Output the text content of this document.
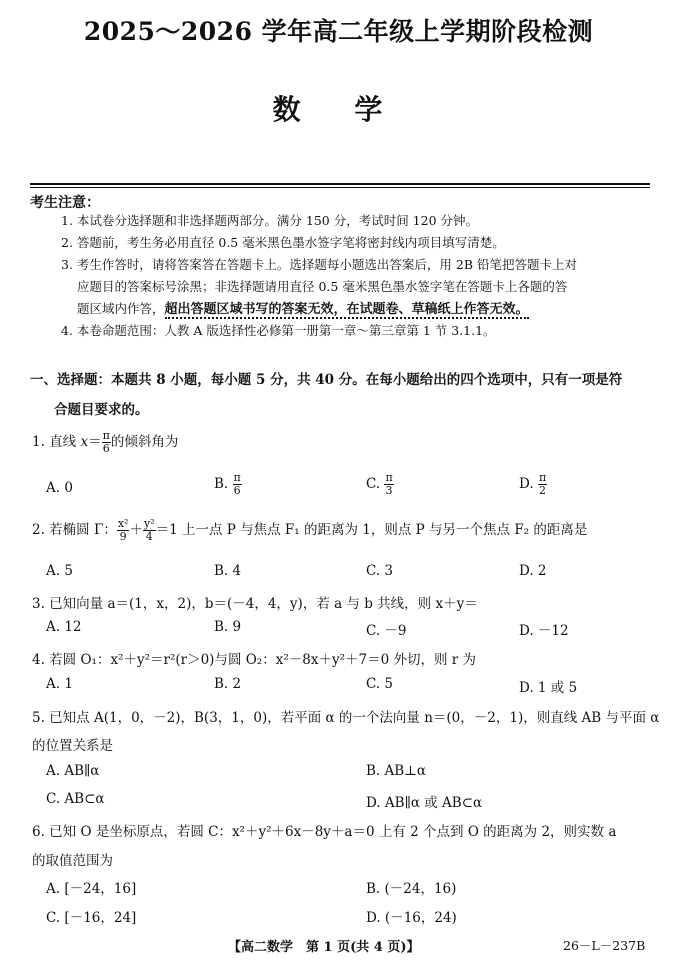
2025～2026 学年高二年级上学期阶段检测
数 学
考生注意：
1. 本试卷分选择题和非选择题两部分。满分 150 分，考试时间 120 分钟。
2. 答题前，考生务必用直径 0.5 毫米黑色墨水签字笔将密封线内项目填写清楚。
3. 考生作答时，请将答案答在答题卡上。选择题每小题选出答案后，用 2B 铅笔把答题卡上对
应题目的答案标号涂黑；非选择题请用直径 0.5 毫米黑色墨水签字笔在答题卡上各题的答
题区域内作答，超出答题区域书写的答案无效，在试题卷、草稿纸上作答无效。
4. 本卷命题范围：人教 A 版选择性必修第一册第一章～第三章第 1 节 3.1.1。
一、选择题：本题共 8 小题，每小题 5 分，共 40 分。在每小题给出的四个选项中，只有一项是符
合题目要求的。
1. 直线 $x= \frac{\pi}{6}$ 的倾斜角为
A. 0	B. $\frac{\pi}{6}$	C. $\frac{\pi}{3}$	D. $\frac{\pi}{2}$
2. 若椭圆 Γ： $\frac{\text{x²}}{9} + \frac{\text{y²}}{4} =1$ 上一点 P 与焦点 F₁ 的距离为 1，则点 P 与另一个焦点 F₂ 的距离是
A. 5	B. 4	C. 3	D. 2
3. 已知向量 a＝(1，x，2)，b＝(－4，4，y)，若 a 与 b 共线，则 x＋y＝
A. 12	B. 9	C. －9	D. －12
4. 若圆 O₁：x²＋y²＝r²(r＞0)与圆 O₂：x²－8x＋y²＋7＝0 外切，则 r 为
A. 1	B. 2	C. 5	D. 1 或 5
5. 已知点 A(1，0，－2)，B(3，1，0)，若平面 α 的一个法向量 n＝(0，－2，1)，则直线 AB 与平面 α
的位置关系是
A. AB∥α	B. AB⊥α
C. AB⊂α	D. AB∥α 或 AB⊂α
6. 已知 O 是坐标原点，若圆 C：x²＋y²＋6x－8y＋a＝0 上有 2 个点到 O 的距离为 2，则实数 a
的取值范围为
A. [－24，16]	B. (－24，16)
C. [－16，24]	D. (－16，24)
【高二数学　第 1 页(共 4 页)】	26－L－237B
